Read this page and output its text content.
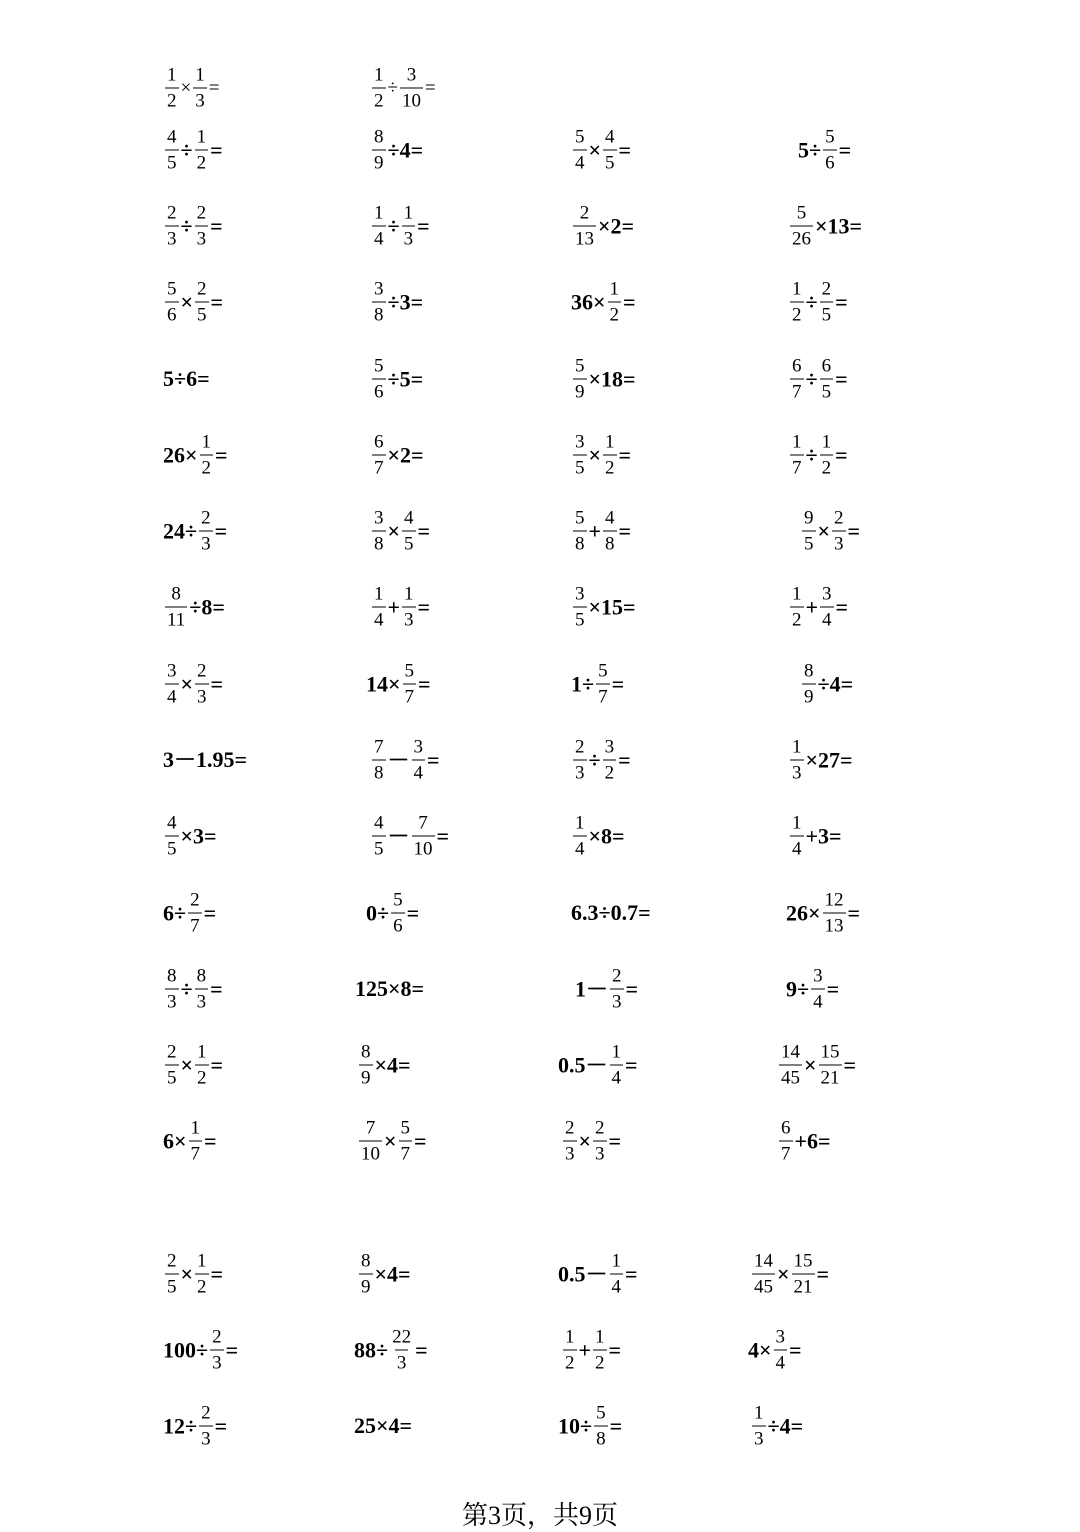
$\frac{1}{2} \times \frac{1}{3}$ =	$\frac{1}{2} \div \frac{3}{10}$ =
$\frac{4}{5} \div \frac{1}{2}$ =	$\frac{8}{9} \div 4=$	$\frac{5}{4} \times \frac{4}{5}$ =	$5\div \frac{5}{6}$ =
$\frac{2}{3} \div \frac{2}{3}$ =	$\frac{1}{4} \div \frac{1}{3}$ =	$\frac{2}{13} \times 2=$	$\frac{5}{26} \times 13=$
$\frac{5}{6} \times \frac{2}{5}$ =	$\frac{3}{8} \div 3=$	$36\times \frac{1}{2}$ =	$\frac{1}{2} \div \frac{2}{5}$ =
5÷6=	$\frac{5}{6} \div 5=$	$\frac{5}{9} \times 18=$	$\frac{6}{7} \div \frac{6}{5}$ =
$26\times \frac{1}{2}$ =	$\frac{6}{7} \times 2=$	$\frac{3}{5} \times \frac{1}{2}$ =	$\frac{1}{7} \div \frac{1}{2}$ =
$24\div \frac{2}{3}$ =	$\frac{3}{8} \times \frac{4}{5}$ =	$\frac{5}{8} + \frac{4}{8}$ =	$\frac{9}{5} \times \frac{2}{3}$ =
$\frac{8}{11} \div 8=$	$\frac{1}{4} + \frac{1}{3}$ =	$\frac{3}{5} \times 15=$	$\frac{1}{2} + \frac{3}{4}$ =
$\frac{3}{4} \times \frac{2}{3}$ =	$14\times \frac{5}{7}$ =	$1\div \frac{5}{7}$ =	$\frac{8}{9} \div 4=$
3－1.95=	$\frac{7}{8} - \frac{3}{4}$ =	$\frac{2}{3} \div \frac{3}{2}$ =	$\frac{1}{3} \times 27=$
$\frac{4}{5} \times 3=$	$\frac{4}{5} - \frac{7}{10}$ =	$\frac{1}{4} \times 8=$	$\frac{1}{4} +3=$
$6\div \frac{2}{7}$ =	$0\div \frac{5}{6}$ =	6.3÷0.7=	$26\times \frac{12}{13}$ =
$\frac{8}{3} \div \frac{8}{3}$ =	125×8=	$1- \frac{2}{3}$ =	$9\div \frac{3}{4}$ =
$\frac{2}{5} \times \frac{1}{2}$ =	$\frac{8}{9} \times 4=$	$0.5- \frac{1}{4}$ =	$\frac{14}{45} \times \frac{15}{21}$ =
$6\times \frac{1}{7}$ =	$\frac{7}{10} \times \frac{5}{7}$ =	$\frac{2}{3} \times \frac{2}{3}$ =	$\frac{6}{7} +6=$
$\frac{2}{5} \times \frac{1}{2}$ =	$\frac{8}{9} \times 4=$	$0.5- \frac{1}{4}$ =	$\frac{14}{45} \times \frac{15}{21}$ =
$100\div \frac{2}{3}$ =	$88\div \frac{22}{3}$ =	$\frac{1}{2} + \frac{1}{2}$ =	$4\times \frac{3}{4}$ =
$12\div \frac{2}{3}$ =	25×4=	$10\div \frac{5}{8}$ =	$\frac{1}{3} \div 4=$
第3页，共9页
